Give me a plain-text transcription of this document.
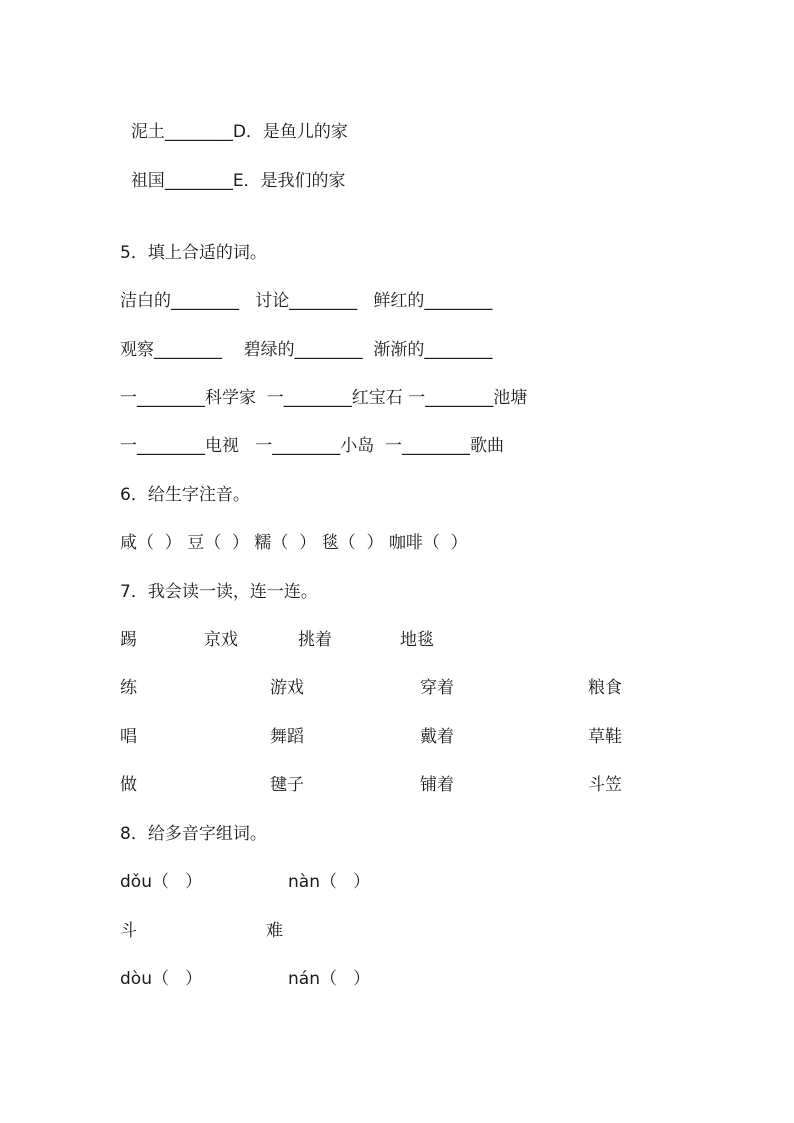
泥土________D．是鱼儿的家

祖国________E．是我们的家

5．填上合适的词。
洁白的________   讨论________   鲜红的________
观察________    碧绿的________  渐渐的________
一________科学家  一________红宝石 一________池塘
一________电视   一________小岛  一________歌曲
6．给生字注音。
咸（  ） 豆（  ） 糯（  ） 毯（  ） 咖啡（  ）
7．我会读一读，连一连。
踢	京戏	挑着	地毯
练	游戏	穿着	粮食
唱	舞蹈	戴着	草鞋
做	毽子	铺着	斗笠
8．给多音字组词。
dǒu（   ）	nàn（   ）
斗	难
dòu（   ）	nán（   ）
